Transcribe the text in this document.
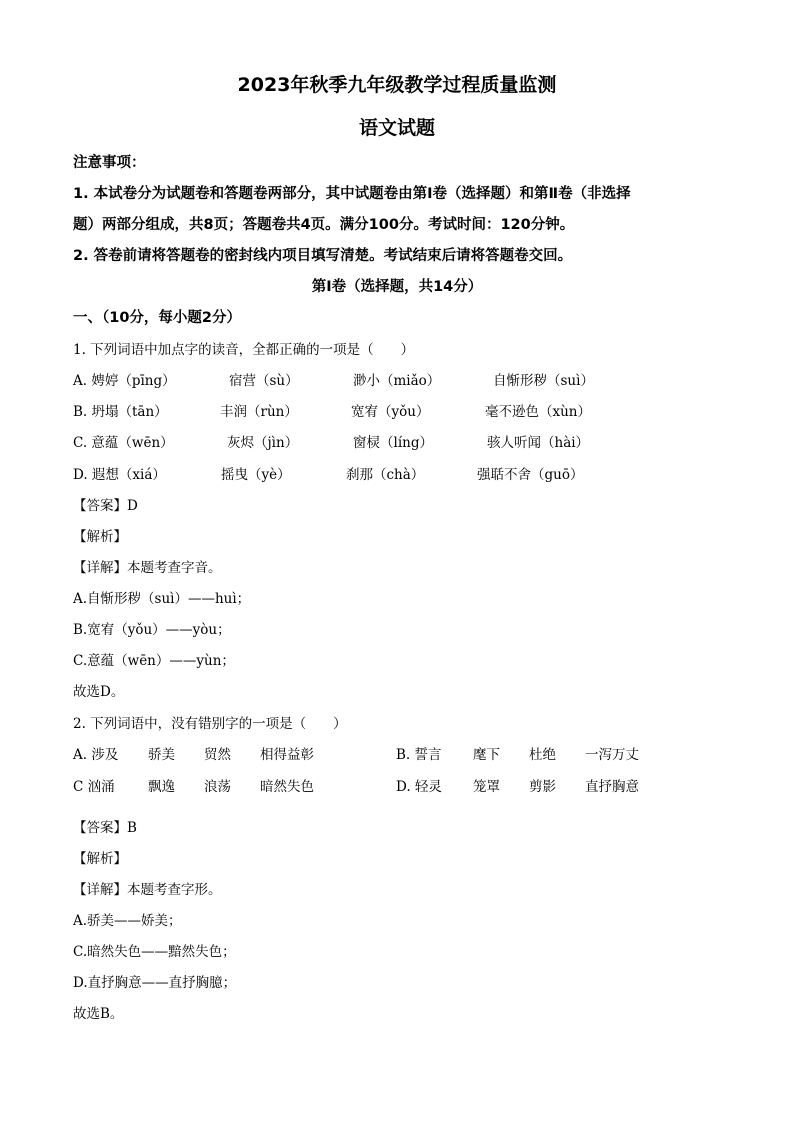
2023年秋季九年级教学过程质量监测
语文试题
注意事项：
1. 本试卷分为试题卷和答题卷两部分，其中试题卷由第Ⅰ卷（选择题）和第Ⅱ卷（非选择
题）两部分组成，共8页；答题卷共4页。满分100分。考试时间：120分钟。
2. 答卷前请将答题卷的密封线内项目填写清楚。考试结束后请将答题卷交回。
第Ⅰ卷（选择题，共14分）
一、（10分，每小题2分）
1. 下列词语中加点字的读音，全都正确的一项是（　　）
A. 娉婷（pīng）	宿营（sù）	渺小（miǎo）	自惭形秽（suì）
B. 坍塌（tān）	丰润（rùn）	宽宥（yǒu）	毫不逊色（xùn）
C. 意蕴（wēn）	灰烬（jìn）	窗棂（líng）	骇人听闻（hài）
D. 遐想（xiá）	摇曳（yè）	刹那（chà）	强聒不舍（guō）
【答案】D
【解析】
【详解】本题考查字音。
A.自惭形秽（suì）——huì；
B.宽宥（yǒu）——yòu；
C.意蕴（wēn）——yùn；
故选D。
2. 下列词语中，没有错别字的一项是（　　）
A. 涉及 骄美 贸然 相得益彰	B. 誓言 麾下 杜绝 一泻万丈
C 汹涌 飘逸 浪荡 暗然失色	D. 轻灵 笼罩 剪影 直抒胸意
【答案】B
【解析】
【详解】本题考查字形。
A.骄美——娇美；
C.暗然失色——黯然失色；
D.直抒胸意——直抒胸臆；
故选B。
